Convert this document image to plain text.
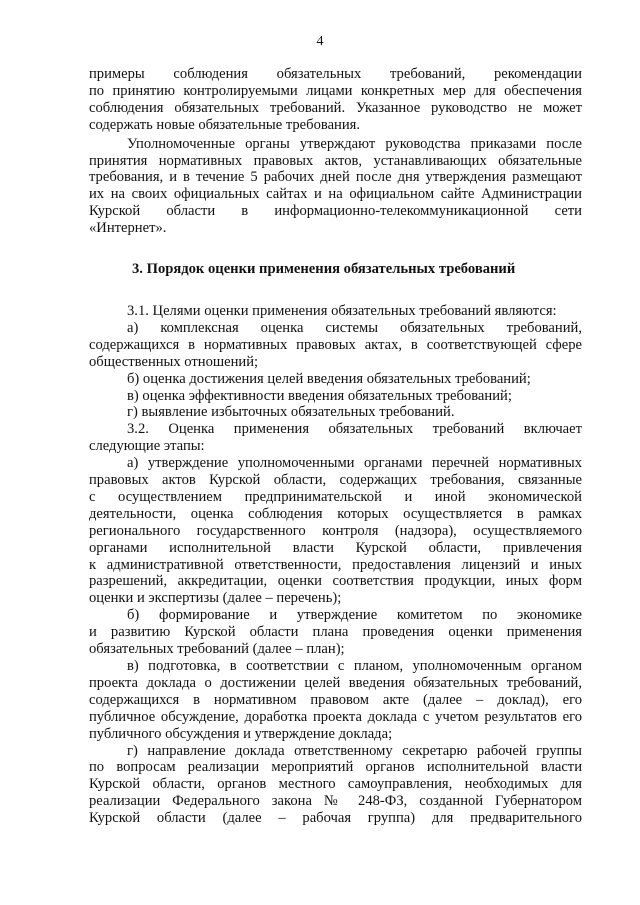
4
примеры соблюдения обязательных требований, рекомендации
по принятию контролируемыми лицами конкретных мер для обеспечения
соблюдения обязательных требований. Указанное руководство не может
содержать новые обязательные требования.
Уполномоченные органы утверждают руководства приказами после
принятия нормативных правовых актов, устанавливающих обязательные
требования, и в течение 5 рабочих дней после дня утверждения размещают
их на своих официальных сайтах и на официальном сайте Администрации
Курской области в информационно-телекоммуникационной сети
«Интернет».
3. Порядок оценки применения обязательных требований
3.1. Целями оценки применения обязательных требований являются:
а) комплексная оценка системы обязательных требований,
содержащихся в нормативных правовых актах, в соответствующей сфере
общественных отношений;
б) оценка достижения целей введения обязательных требований;
в) оценка эффективности введения обязательных требований;
г) выявление избыточных обязательных требований.
3.2. Оценка применения обязательных требований включает
следующие этапы:
а) утверждение уполномоченными органами перечней нормативных
правовых актов Курской области, содержащих требования, связанные
с осуществлением предпринимательской и иной экономической
деятельности, оценка соблюдения которых осуществляется в рамках
регионального государственного контроля (надзора), осуществляемого
органами исполнительной власти Курской области, привлечения
к административной ответственности, предоставления лицензий и иных
разрешений, аккредитации, оценки соответствия продукции, иных форм
оценки и экспертизы (далее – перечень);
б) формирование и утверждение комитетом по экономике
и развитию Курской области плана проведения оценки применения
обязательных требований (далее – план);
в) подготовка, в соответствии с планом, уполномоченным органом
проекта доклада о достижении целей введения обязательных требований,
содержащихся в нормативном правовом акте (далее – доклад), его
публичное обсуждение, доработка проекта доклада с учетом результатов его
публичного обсуждения и утверждение доклада;
г) направление доклада ответственному секретарю рабочей группы
по вопросам реализации мероприятий органов исполнительной власти
Курской области, органов местного самоуправления, необходимых для
реализации Федерального закона № 248-ФЗ, созданной Губернатором
Курской области (далее – рабочая группа) для предварительного
